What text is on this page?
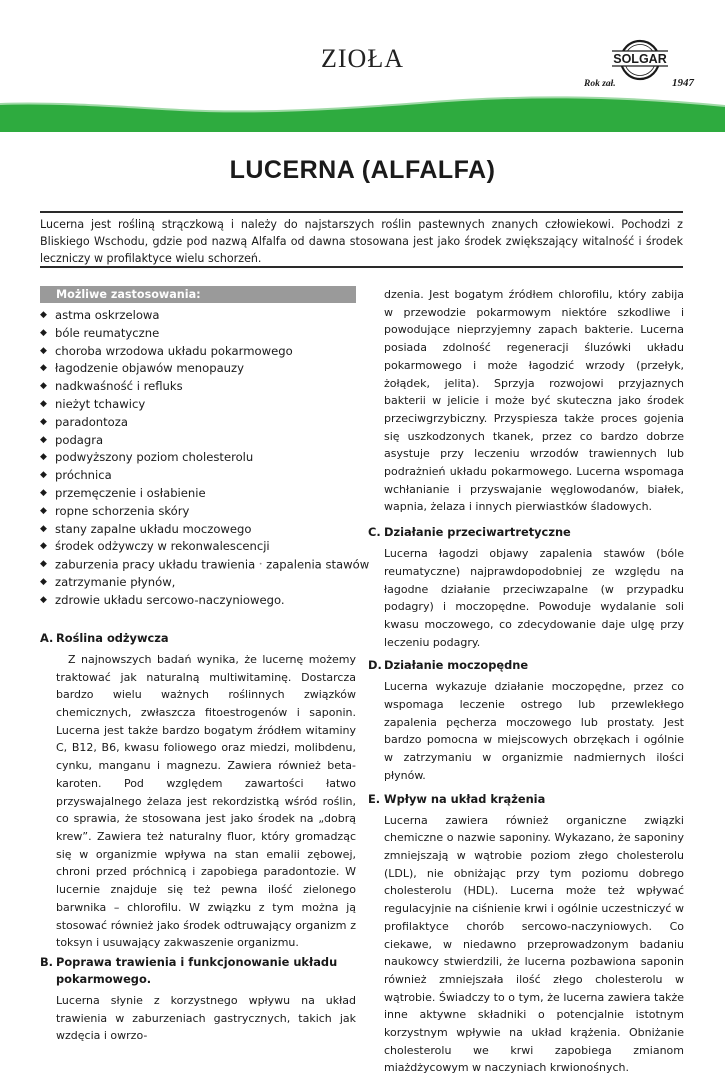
ZIOŁA	SOLGAR
Rok zał.	1947
LUCERNA (ALFALFA)

Lucerna jest rośliną strączkową i należy do najstarszych roślin pastewnych znanych człowiekowi. Pochodzi z Bliskiego Wschodu, gdzie pod nazwą Alfalfa od dawna stosowana jest jako środek zwiększający witalność i środek leczniczy w profilaktyce wielu schorzeń.

Możliwe zastosowania:
◆ astma oskrzelowa
◆ bóle reumatyczne
◆ choroba wrzodowa układu pokarmowego
◆ łagodzenie objawów menopauzy
◆ nadkwaśność i refluks
◆ nieżyt tchawicy
◆ paradontoza
◆ podagra
◆ podwyższony poziom cholesterolu
◆ próchnica
◆ przemęczenie i osłabienie
◆ ropne schorzenia skóry
◆ stany zapalne układu moczowego
◆ środek odżywczy w rekonwalescencji
◆ zaburzenia pracy układu trawienia • zapalenia stawów
◆ zatrzymanie płynów,
◆ zdrowie układu sercowo-naczyniowego.
A. Roślina odżywcza

Z najnowszych badań wynika, że lucernę możemy traktować jak naturalną multiwitaminę. Dostarcza bardzo wielu ważnych roślinnych związków chemicznych, zwłaszcza fitoestrogenów i saponin. Lucerna jest także bardzo bogatym źródłem witaminy C, B12, B6, kwasu foliowego oraz miedzi, molibdenu, cynku, manganu i magnezu. Zawiera również beta-karoten. Pod względem zawartości łatwo przyswajalnego żelaza jest rekordzistką wśród roślin, co sprawia, że stosowana jest jako środek na „dobrą krew”. Zawiera też naturalny fluor, który gromadząc się w organizmie wpływa na stan emalii zębowej, chroni przed próchnicą i zapobiega paradontozie. W lucernie znajduje się też pewna ilość zielonego barwnika – chlorofilu. W związku z tym można ją stosować również jako środek odtruwający organizm z toksyn i usuwający zakwaszenie organizmu.

B. Poprawa trawienia i funkcjonowanie układu pokarmowego.

Lucerna słynie z korzystnego wpływu na układ trawienia w zaburzeniach gastrycznych, takich jak wzdęcia i owrzo-

dzenia. Jest bogatym źródłem chlorofilu, który zabija w przewodzie pokarmowym niektóre szkodliwe i powodujące nieprzyjemny zapach bakterie. Lucerna posiada zdolność regeneracji śluzówki układu pokarmowego i może łagodzić wrzody (przełyk, żołądek, jelita). Sprzyja rozwojowi przyjaznych bakterii w jelicie i może być skuteczna jako środek przeciwgrzybiczny. Przyspiesza także proces gojenia się uszkodzonych tkanek, przez co bardzo dobrze asystuje przy leczeniu wrzodów trawiennych lub podrażnień układu pokarmowego. Lucerna wspomaga wchłanianie i przyswajanie węglowodanów, białek, wapnia, żelaza i innych pierwiastków śladowych.

C. Działanie przeciwartretyczne

Lucerna łagodzi objawy zapalenia stawów (bóle reumatyczne) najprawdopodobniej ze względu na łagodne działanie przeciwzapalne (w przypadku podagry) i moczopędne. Powoduje wydalanie soli kwasu moczowego, co zdecydowanie daje ulgę przy leczeniu podagry.

D. Działanie moczopędne

Lucerna wykazuje działanie moczopędne, przez co wspomaga leczenie ostrego lub przewlekłego zapalenia pęcherza moczowego lub prostaty. Jest bardzo pomocna w miejscowych obrzękach i ogólnie w zatrzymaniu w organizmie nadmiernych ilości płynów.

E. Wpływ na układ krążenia

Lucerna zawiera również organiczne związki chemiczne o nazwie saponiny. Wykazano, że saponiny zmniejszają w wątrobie poziom złego cholesterolu (LDL), nie obniżając przy tym poziomu dobrego cholesterolu (HDL). Lucerna może też wpływać regulacyjnie na ciśnienie krwi i ogólnie uczestniczyć w profilaktyce chorób sercowo-naczyniowych. Co ciekawe, w niedawno przeprowadzonym badaniu naukowcy stwierdzili, że lucerna pozbawiona saponin również zmniejszała ilość złego cholesterolu w wątrobie. Świadczy to o tym, że lucerna zawiera także inne aktywne składniki o potencjalnie istotnym korzystnym wpływie na układ krążenia. Obniżanie cholesterolu we krwi zapobiega zmianom miażdżycowym w naczyniach krwionośnych.
